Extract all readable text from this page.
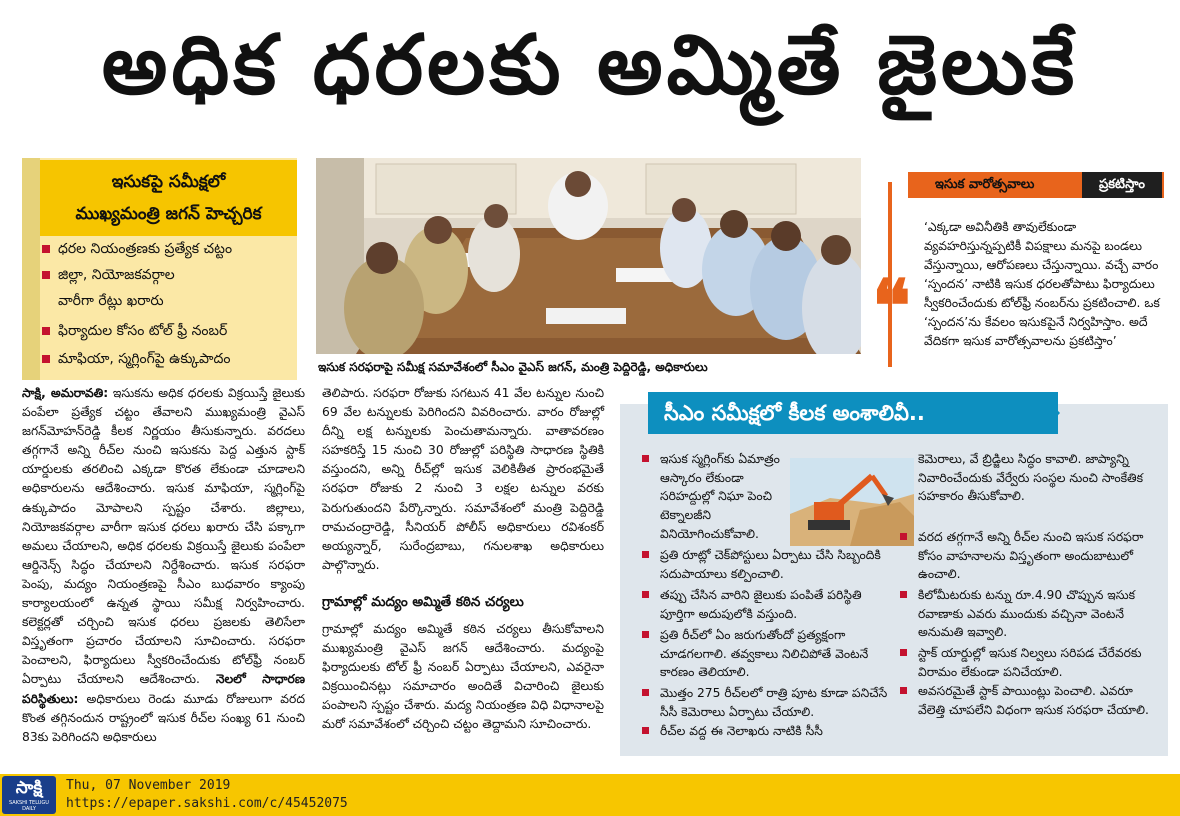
అధిక ధరలకు అమ్మితే జైలుకే
ఇసుకపై సమీక్షలో
ముఖ్యమంత్రి జగన్ హెచ్చరిక
ధరల నియంత్రణకు ప్రత్యేక చట్టం
జిల్లా, నియోజకవర్గాల
వారీగా రేట్లు ఖరారు
ఫిర్యాదుల కోసం టోల్ ఫ్రీ నంబర్
మాఫియా, స్మగ్లింగ్‌పై ఉక్కుపాదం	ఇసుక సరఫరాపై సమీక్ష సమావేశంలో సీఎం వైఎస్ జగన్, మంత్రి పెద్దిరెడ్డి, అధికారులు
సాక్షి, అమరావతి: ఇసుకను అధిక ధరలకు విక్రయిస్తే జైలుకు పంపేలా ప్రత్యేక చట్టం తేవాలని ముఖ్యమంత్రి వైఎస్ జగన్‌మోహన్‌రెడ్డి కీలక నిర్ణయం తీసుకున్నారు. వరదలు తగ్గగానే అన్ని రీచ్‌ల నుంచి ఇసుకను పెద్ద ఎత్తున స్టాక్ యార్డులకు తరలించి ఎక్కడా కొరత లేకుండా చూడాలని అధికారులను ఆదేశించారు. ఇసుక మాఫియా, స్మగ్లింగ్‌పై ఉక్కుపాదం మోపాలని స్పష్టం చేశారు. జిల్లాలు, నియోజకవర్గాల వారీగా ఇసుక ధరలు ఖరారు చేసి పక్కాగా అమలు చేయాలని, అధిక ధరలకు విక్రయిస్తే జైలుకు పంపేలా ఆర్డినెన్స్ సిద్ధం చేయాలని నిర్దేశించారు. ఇసుక సరఫరా పెంపు, మద్యం నియంత్రణపై సీఎం బుధవారం క్యాంపు కార్యాలయంలో ఉన్నత స్థాయి సమీక్ష నిర్వహించారు. కలెక్టర్లతో చర్చించి ఇసుక ధరలు ప్రజలకు తెలిసేలా విస్తృతంగా ప్రచారం చేయాలని సూచించారు. సరఫరా పెంచాలని, ఫిర్యాదులు స్వీకరించేందుకు టోల్‌ఫ్రీ నంబర్ ఏర్పాటు చేయాలని ఆదేశించారు. నెలలో సాధారణ పరిస్థితులు: అధికారులు రెండు మూడు రోజులుగా వరద కొంత తగ్గినందున రాష్ట్రంలో ఇసుక రీచ్‌ల సంఖ్య 61 నుంచి 83కు పెరిగిందని అధికారులు
తెలిపారు. సరఫరా రోజుకు సగటున 41 వేల టన్నుల నుంచి 69 వేల టన్నులకు పెరిగిందని వివరించారు. వారం రోజుల్లో దీన్ని లక్ష టన్నులకు పెంచుతామన్నారు. వాతావరణం సహకరిస్తే 15 నుంచి 30 రోజుల్లో పరిస్థితి సాధారణ స్థితికి వస్తుందని, అన్ని రీచ్‌ల్లో ఇసుక వెలికితీత ప్రారంభమైతే సరఫరా రోజుకు 2 నుంచి 3 లక్షల టన్నుల వరకు పెరుగుతుందని పేర్కొన్నారు. సమావేశంలో మంత్రి పెద్దిరెడ్డి రామచంద్రారెడ్డి, సీనియర్ పోలీస్ అధికారులు రవిశంకర్ అయ్యన్నార్, సురేంద్రబాబు, గనులశాఖ అధికారులు పాల్గొన్నారు.
గ్రామాల్లో మద్యం అమ్మితే కఠిన చర్యలు
గ్రామాల్లో మద్యం అమ్మితే కఠిన చర్యలు తీసుకోవాలని ముఖ్యమంత్రి వైఎస్ జగన్ ఆదేశించారు. మద్యంపై ఫిర్యాదులకు టోల్ ఫ్రీ నంబర్ ఏర్పాటు చేయాలని, ఎవరైనా విక్రయించినట్లు సమాచారం అందితే విచారించి జైలుకు పంపాలని స్పష్టం చేశారు. మద్య నియంత్రణ విధి విధానాలపై మరో సమావేశంలో చర్చించి చట్టం తెద్దామని సూచించారు.
ఇసుక వారోత్సవాలు	ప్రకటిస్తాం
❝
‘ఎక్కడా అవినీతికి తావులేకుండా వ్యవహరిస్తున్నప్పటికీ విపక్షాలు మనపై బండలు వేస్తున్నాయి, ఆరోపణలు చేస్తున్నాయి. వచ్చే వారం ‘స్పందన’ నాటికి ఇసుక ధరలతోపాటు ఫిర్యాదులు స్వీకరించేందుకు టోల్‌ఫ్రీ నంబర్‌ను ప్రకటించాలి. ఒక ‘స్పందన’ను కేవలం ఇసుకపైనే నిర్వహిస్తాం. అదే వేదికగా ఇసుక వారోత్సవాలను ప్రకటిస్తాం’
సీఎం సమీక్షలో కీలక అంశాలివీ..
ఇసుక స్మగ్లింగ్‌కు ఏమాత్రం ఆస్కారం లేకుండా సరిహద్దుల్లో నిఘా పెంచి టెక్నాలజీని వినియోగించుకోవాలి.
ప్రతి రూట్లో చెక్‌పోస్టులు ఏర్పాటు చేసి సిబ్బందికి సదుపాయాలు కల్పించాలి.
తప్పు చేసిన వారిని జైలుకు పంపితే పరిస్థితి పూర్తిగా అదుపులోకి వస్తుంది.
ప్రతి రీచ్‌లో ఏం జరుగుతోందో ప్రత్యక్షంగా చూడగలగాలి. తవ్వకాలు నిలిచిపోతే వెంటనే కారణం తెలియాలి.
మొత్తం 275 రీచ్‌లలో రాత్రి పూట కూడా పనిచేసే సీసీ కెమెరాలు ఏర్పాటు చేయాలి.
రీచ్‌ల వద్ద ఈ నెలాఖరు నాటికి సీసీ
కెమెరాలు, వే బ్రిడ్జిలు సిద్ధం కావాలి. జాప్యాన్ని నివారించేందుకు వేర్వేరు సంస్థల నుంచి సాంకేతిక సహకారం తీసుకోవాలి.
వరద తగ్గగానే అన్ని రీచ్‌ల నుంచి ఇసుక సరఫరా కోసం వాహనాలను విస్తృతంగా అందుబాటులో ఉంచాలి.
కిలోమీటరుకు టన్ను రూ.4.90 చొప్పున ఇసుక రవాణాకు ఎవరు ముందుకు వచ్చినా వెంటనే అనుమతి ఇవ్వాలి.
స్టాక్ యార్డుల్లో ఇసుక నిల్వలు సరిపడ చేరేవరకు విరామం లేకుండా పనిచేయాలి.
అవసరమైతే స్టాక్ పాయింట్లు పెంచాలి. ఎవరూ వేలెత్తి చూపలేని విధంగా ఇసుక సరఫరా చేయాలి.
సాక్షి
SAKSHI TELUGU DAILY
Thu, 07 November 2019
https://epaper.sakshi.com/c/45452075
